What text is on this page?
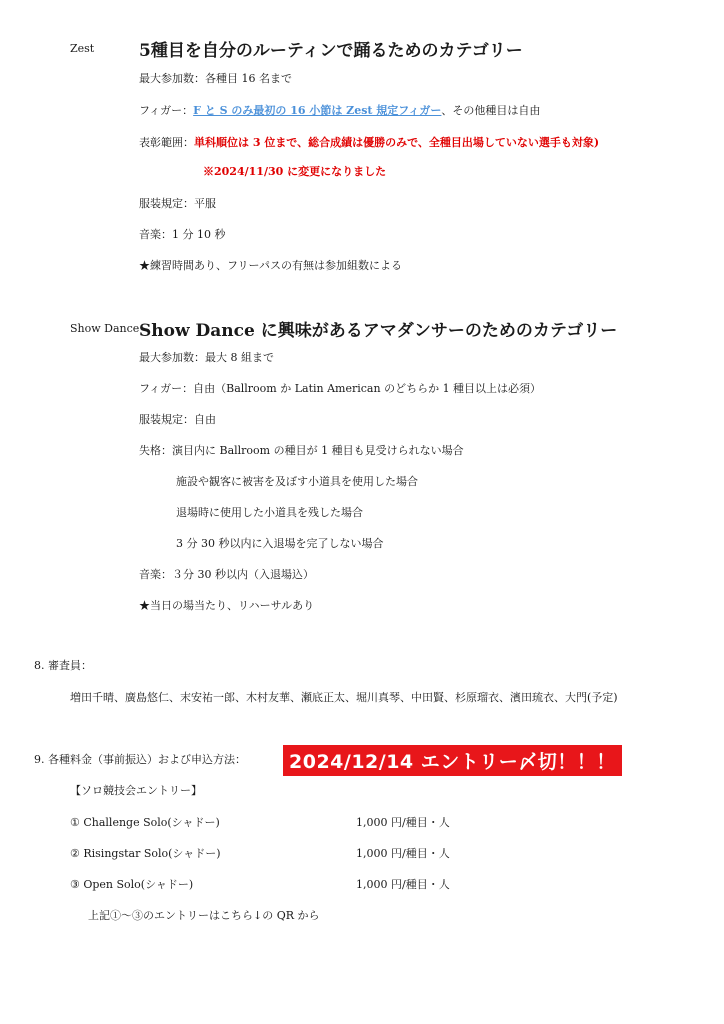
Zest	5種目を自分のルーティンで踊るためのカテゴリー
最大参加数：各種目 16 名まで
フィガー：F と S のみ最初の 16 小節は Zest 規定フィガー、その他種目は自由
表彰範囲：単科順位は 3 位まで、総合成績は優勝のみで、全種目出場していない選手も対象)
※2024/11/30 に変更になりました
服装規定：平服
音楽：1 分 10 秒
★練習時間あり、フリーパスの有無は参加組数による
Show Dance Show Dance に興味があるアマダンサーのためのカテゴリー
最大参加数：最大 8 組まで
フィガー：自由（Ballroom か Latin American のどちらか 1 種目以上は必須）
服装規定：自由
失格：演目内に Ballroom の種目が 1 種目も見受けられない場合
施設や観客に被害を及ぼす小道具を使用した場合
退場時に使用した小道具を残した場合
3 分 30 秒以内に入退場を完了しない場合
音楽：３分 30 秒以内（入退場込）
★当日の場当たり、リハーサルあり
8. 審査員：
増田千晴、廣島悠仁、末安祐一郎、木村友華、瀬底正太、堀川真琴、中田賢、杉原瑠衣、濱田琉衣、大門(予定)
9. 各種料金（事前振込）および申込方法：	2024/12/14 エントリー〆切！！！
【ソロ競技会エントリー】
① Challenge Solo(シャドー)	1,000 円/種目・人
② Risingstar Solo(シャドー)	1,000 円/種目・人
③ Open Solo(シャドー)	1,000 円/種目・人
上記①～③のエントリーはこちら↓の QR から
